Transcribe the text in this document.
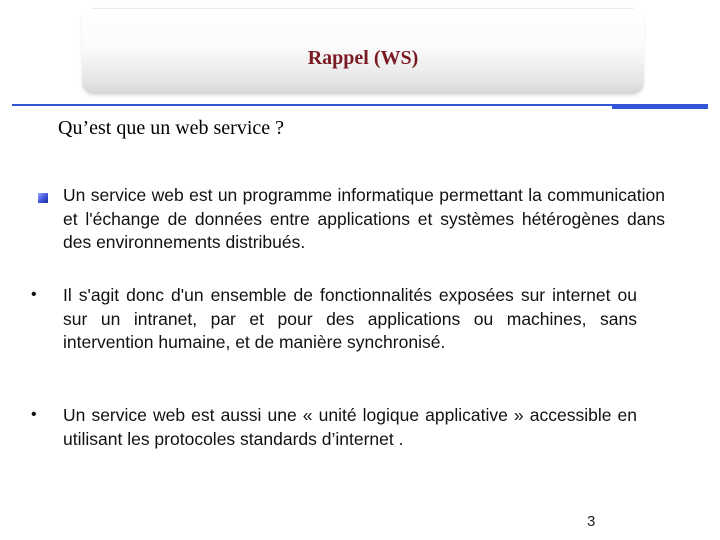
Rappel (WS)
Qu’est que un web service ?
Un service web est un programme informatique permettant la communication et l'échange de données entre applications et systèmes hétérogènes dans des environnements distribués.
• Il s'agit donc d'un ensemble de fonctionnalités exposées sur internet ou sur un intranet, par et pour des applications ou machines, sans intervention humaine, et de manière synchronisé.
• Un service web est aussi une « unité logique applicative » accessible en utilisant les protocoles standards d’internet .
3
